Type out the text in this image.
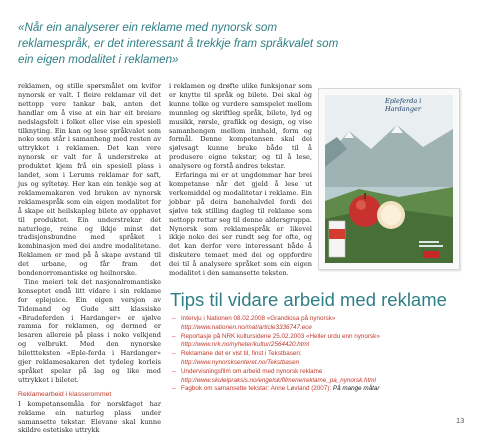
«Når ein analyserer ein reklame med nynorsk som reklamespråk, er det interessant å trekkje fram språkvalet som ein eigen modalitet i reklamen»

reklamen, og stille spørsmålet om kvifor nynorsk er valt. I fleire reklamar vil det nettopp vere tankar bak, anten det handlar om å vise at ein har eit breiare nedslagsfelt i folket eller vise ein spesiell tilknyting. Ein kan og lese språkvalet som noko som står i samanheng med resten av uttrykket i reklamen. Det kan vere nynorsk er valt for å understreke at produktet kjem frå ein spesiell plass i landet, som i Lerums reklamar for saft, jus og syltetøy. Her kan ein tenkje seg at reklamemakaren ved bruken av nynorsk reklamespråk som ein eigen modalitet for å skape eit heilskapleg bilete av opphavet til produktet. Ein understrekar det naturlege, reine og ikkje minst det tradisjonsbundne med språket i kombinasjon med dei andre modalitetane. Reklamen er med på å skape avstand til det urbane, og får fram det bondenorromantiske og heilnorske.

Tine meieri tek det nasjonalromantiske konseptet endå litt vidare i sin reklame for eplejuice. Ein eigen versjon av Tidemand og Gude sitt klassiske «Brudeferden i Hardanger» er sjølve ramma for reklamen, og dermed er lesaren allereie på plass i noko velkjend og velbrukt. Med den nynorske bilettteksten «Eple-ferda i Hardanger» gjer reklamesakaren det tydeleg korleis språket spelar på lag og like med uttrykket i biletet.

Reklamearbeid i klasserommet

I kompetansemåla for norskfaget har reklame ein naturleg plass under samansette tekstar. Elevane skal kunne skildre estetiske uttrykk

i reklamen og drøfte ulike funksjonar som er knytte til språk og bilete. Dei skal òg kunne tolke og vurdere samspelet mellom munnleg og skriftleg språk, bilete, lyd og musikk, rørsle, grafikk og design, og vise samanhengen mellom innhald, form og formål. Denne kompetansen skal dei sjølvsagt kunne bruke både til å produsere eigne tekstar, og til å lese, analysere og forstå andres tekstar.

Erfaringa mi er at ungdommar har brei kompetanse når det gjeld å lese ut verkemiddel og modalitetar i reklame. Ein jobbar på deira banehalvdel fordi dei sjølve tek stilling dagleg til reklame som nettopp rettar seg til denne aldersgruppa. Nynorsk som reklamespråk er likevel ikkje noko dei ser rundt seg for ofte, og det kan derfor vere interessant både å diskutere temaet med dei og oppfordre dei til å analysere språket som ein eigen modalitet i den samansette teksten.

Epleferda i Hardanger
Tips til vidare arbeid med reklame
– Intervju i Nationen 08.02.2008 «Grandiosa på nynorsk»
http://www.nationen.no/mat/article3336747.ece
– Reportasje på NRK kultursidene 25.02.2003 «Heller urdu enn nynorsk»
http://www.nrk.no/nyheter/kultur/2564420.html
– Reklamane det er vist til, finst i Tekstbasen:
http://www.nynorsksenteret.no/Tekstbasen
– Undervisningsfilm om arbeid med nynorsk reklame
http://www.skuleipraksis.no/engelsk/filmene/reklame_pa_nynorsk.html
– Fagbok om samansette tekstar: Anne Løvland (2007): På mange måtar
13
